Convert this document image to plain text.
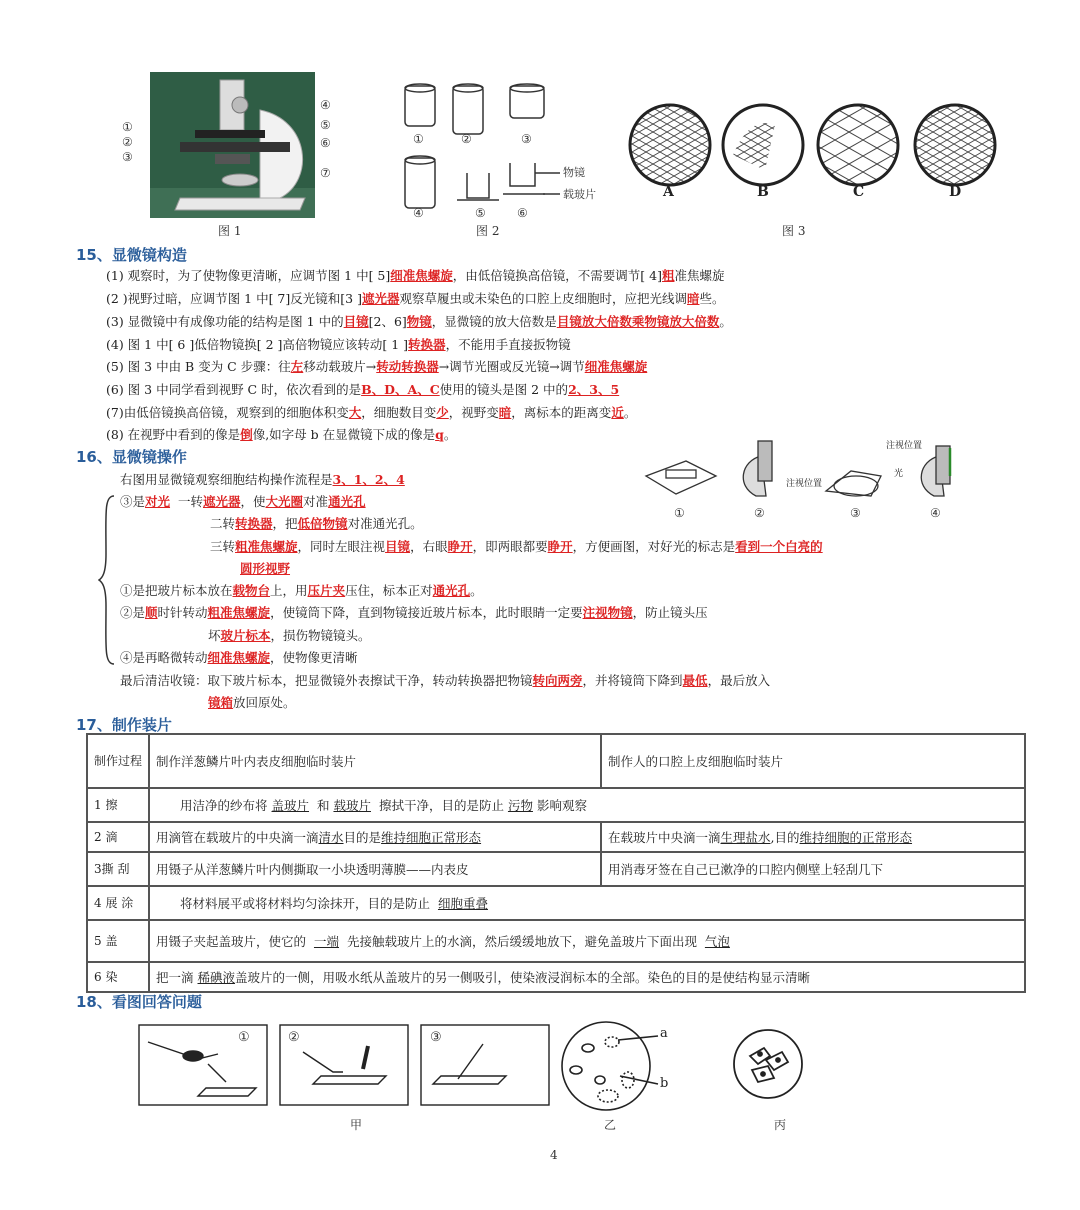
④
⑤
⑥
⑦
①
②
③
图 1
①	②	③
④	⑤	⑥
物镜
载玻片
图 2
A	B	C	D
图 3
15、显微镜构造
(1) 观察时，为了使物像更清晰，应调节图 1 中[ 5]细准焦螺旋，由低倍镜换高倍镜，不需要调节[ 4]粗准焦螺旋
(2 )视野过暗，应调节图 1 中[ 7]反光镜和[3 ]遮光器观察草履虫或未染色的口腔上皮细胞时，应把光线调暗些。
(3) 显微镜中有成像功能的结构是图 1 中的目镜[2、6]物镜，显微镜的放大倍数是目镜放大倍数乘物镜放大倍数。
(4) 图 1 中[ 6 ]低倍物镜换[ 2 ]高倍物镜应该转动[ 1 ]转换器，不能用手直接扳物镜
(5) 图 3 中由 B 变为 C 步骤：往左移动载玻片→转动转换器→调节光圈或反光镜→调节细准焦螺旋
(6) 图 3 中同学看到视野 C 时，依次看到的是B、D、A、C使用的镜头是图 2 中的2、3、5
(7)由低倍镜换高倍镜，观察到的细胞体积变大，细胞数目变少，视野变暗，离标本的距离变近。
(8) 在视野中看到的像是倒像,如字母 b 在显微镜下成的像是q。
16、显微镜操作
注视位置
注视位置
光
①	②	③	④
右图用显微镜观察细胞结构操作流程是3、1、2、4
③是对光 一转遮光器，使大光圈对准通光孔
二转转换器，把低倍物镜对准通光孔。
三转粗准焦螺旋，同时左眼注视目镜，右眼睁开，即两眼都要睁开，方便画图，对好光的标志是看到一个白亮的
圆形视野
①是把玻片标本放在载物台上，用压片夹压住，标本正对通光孔。
②是顺时针转动粗准焦螺旋，使镜筒下降，直到物镜接近玻片标本，此时眼睛一定要注视物镜，防止镜头压
坏玻片标本，损伤物镜镜头。
④是再略微转动细准焦螺旋，使物像更清晰
最后清洁收镜：取下玻片标本，把显微镜外表擦试干净，转动转换器把物镜转向两旁，并将镜筒下降到最低，最后放入
镜箱放回原处。
17、制作装片
制作过程	制作洋葱鳞片叶内表皮细胞临时装片	制作人的口腔上皮细胞临时装片
1 擦	用洁净的纱布将 盖玻片 和 载玻片 擦拭干净，目的是防止 污物 影响观察	
2 滴	用滴管在载玻片的中央滴一滴清水目的是维持细胞正常形态	在载玻片中央滴一滴生理盐水,目的维持细胞的正常形态
3撕 刮	用镊子从洋葱鳞片叶内侧撕取一小块透明薄膜——内表皮	用消毒牙签在自己已漱净的口腔内侧壁上轻刮几下
4 展 涂	将材料展平或将材料均匀涂抹开，目的是防止 细胞重叠	
5 盖	用镊子夹起盖玻片，使它的 一端 先接触载玻片上的水滴，然后缓缓地放下，避免盖玻片下面出现 气泡	
6 染	把一滴 稀碘液盖玻片的一侧，用吸水纸从盖玻片的另一侧吸引，使染液浸润标本的全部。染色的目的是使结构显示清晰	
18、看图回答问题
①	②	③
甲
a
b
乙	丙
4
